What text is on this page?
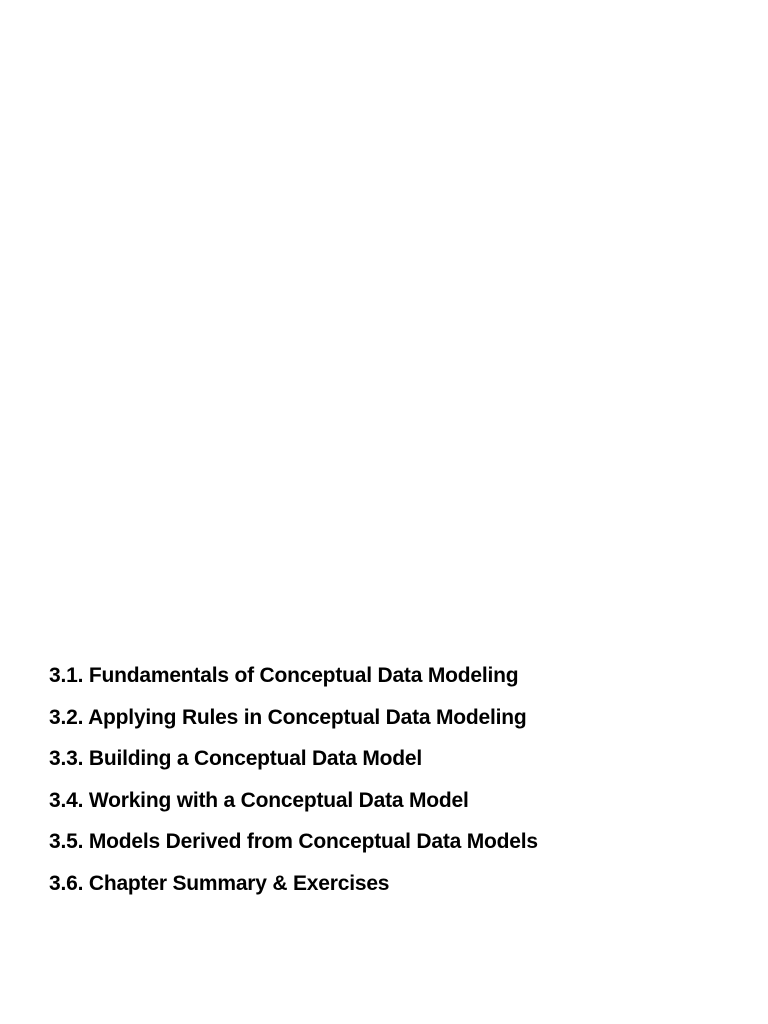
3.1. Fundamentals of Conceptual Data Modeling
3.2. Applying Rules in Conceptual Data Modeling
3.3. Building a Conceptual Data Model
3.4. Working with a Conceptual Data Model
3.5. Models Derived from Conceptual Data Models
3.6. Chapter Summary & Exercises
